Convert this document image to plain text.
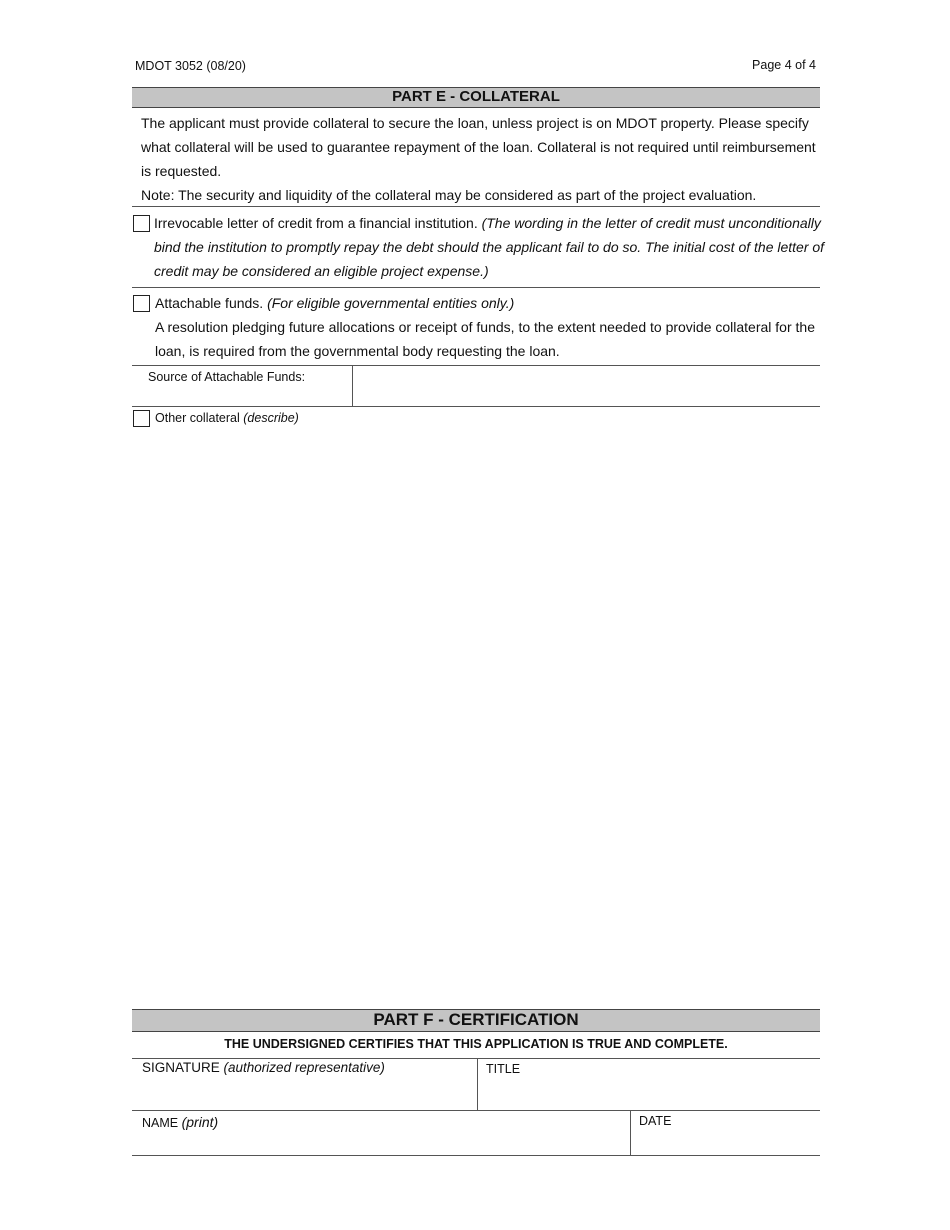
MDOT 3052 (08/20)	Page 4 of 4
PART E - COLLATERAL
The applicant must provide collateral to secure the loan, unless project is on MDOT property. Please specify what collateral will be used to guarantee repayment of the loan. Collateral is not required until reimbursement is requested.
Note: The security and liquidity of the collateral may be considered as part of the project evaluation.
Irrevocable letter of credit from a financial institution. (The wording in the letter of credit must unconditionally bind the institution to promptly repay the debt should the applicant fail to do so. The initial cost of the letter of credit may be considered an eligible project expense.)
Attachable funds. (For eligible governmental entities only.)
A resolution pledging future allocations or receipt of funds, to the extent needed to provide collateral for the loan, is required from the governmental body requesting the loan.
Source of Attachable Funds:
Other collateral (describe)
PART F - CERTIFICATION
THE UNDERSIGNED CERTIFIES THAT THIS APPLICATION IS TRUE AND COMPLETE.
SIGNATURE (authorized representative)	TITLE
NAME (print)	DATE
